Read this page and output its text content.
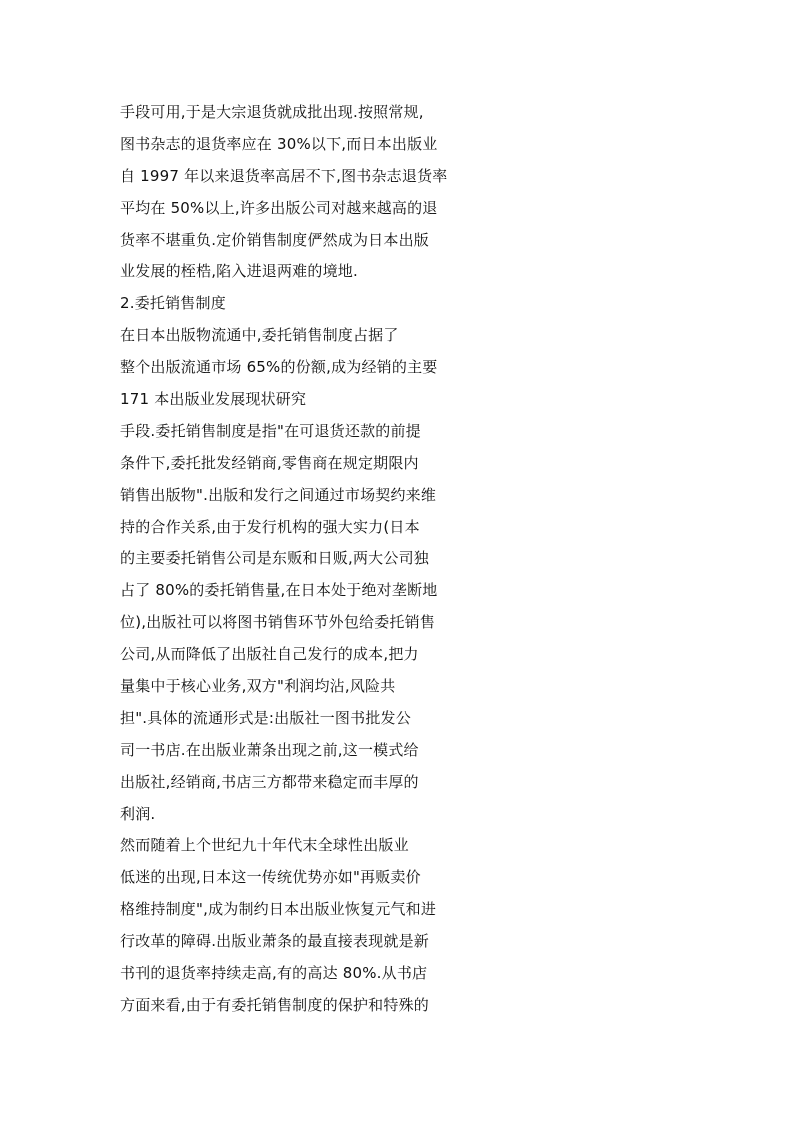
手段可用,于是大宗退货就成批出现.按照常规,
图书杂志的退货率应在 30%以下,而日本出版业
自 1997 年以来退货率高居不下,图书杂志退货率
平均在 50%以上,许多出版公司对越来越高的退
货率不堪重负.定价销售制度俨然成为日本出版
业发展的桎梏,陷入进退两难的境地.
2.委托销售制度
在日本出版物流通中,委托销售制度占据了
整个出版流通市场 65%的份额,成为经销的主要
171 本出版业发展现状研究
手段.委托销售制度是指"在可退货还款的前提
条件下,委托批发经销商,零售商在规定期限内
销售出版物".出版和发行之间通过市场契约来维
持的合作关系,由于发行机构的强大实力(日本
的主要委托销售公司是东贩和日贩,两大公司独
占了 80%的委托销售量,在日本处于绝对垄断地
位),出版社可以将图书销售环节外包给委托销售
公司,从而降低了出版社自己发行的成本,把力
量集中于核心业务,双方"利润均沾,风险共
担".具体的流通形式是:出版社一图书批发公
司一书店.在出版业萧条出现之前,这一模式给
出版社,经销商,书店三方都带来稳定而丰厚的
利润.
然而随着上个世纪九十年代末全球性出版业
低迷的出现,日本这一传统优势亦如"再贩卖价
格维持制度",成为制约日本出版业恢复元气和进
行改革的障碍.出版业萧条的最直接表现就是新
书刊的退货率持续走高,有的高达 80%.从书店
方面来看,由于有委托销售制度的保护和特殊的
